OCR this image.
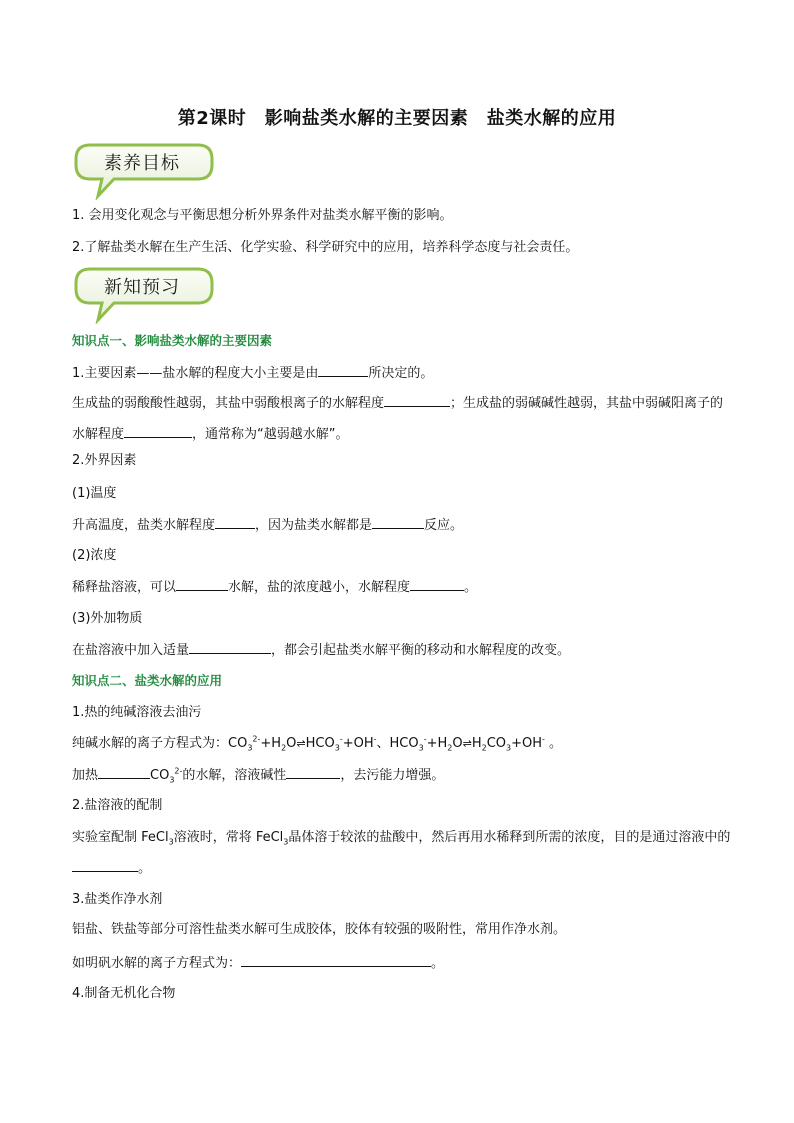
第2课时　影响盐类水解的主要因素　盐类水解的应用
素养目标
1. 会用变化观念与平衡思想分析外界条件对盐类水解平衡的影响。
2.了解盐类水解在生产生活、化学实验、科学研究中的应用，培养科学态度与社会责任。
新知预习
知识点一、影响盐类水解的主要因素
1.主要因素——盐水解的程度大小主要是由	所决定的。
生成盐的弱酸酸性越弱，其盐中弱酸根离子的水解程度	；生成盐的弱碱碱性越弱，其盐中弱碱阳离子的水解程度	，通常称为“越弱越水解”。
2.外界因素
(1)温度
升高温度，盐类水解程度	，因为盐类水解都是	反应。
(2)浓度
稀释盐溶液，可以	水解，盐的浓度越小，水解程度	。
(3)外加物质
在盐溶液中加入适量	，都会引起盐类水解平衡的移动和水解程度的改变。
知识点二、盐类水解的应用
1.热的纯碱溶液去油污
纯碱水解的离子方程式为：$CO_3^{2-}+H_2O\rightleftharpoons HCO_3^-+OH^-$、$HCO_3^-+H_2O\rightleftharpoons H_2CO_3+OH^-$ 。
加热	$CO_3^{2-}$的水解，溶液碱性	，去污能力增强。
2.盐溶液的配制
实验室配制 FeCl$_3$溶液时，常将 FeCl$_3$晶体溶于较浓的盐酸中，然后再用水稀释到所需的浓度，目的是通过溶液中的。
3.盐类作净水剂
铝盐、铁盐等部分可溶性盐类水解可生成胶体，胶体有较强的吸附性，常用作净水剂。
如明矾水解的离子方程式为：	。
4.制备无机化合物
